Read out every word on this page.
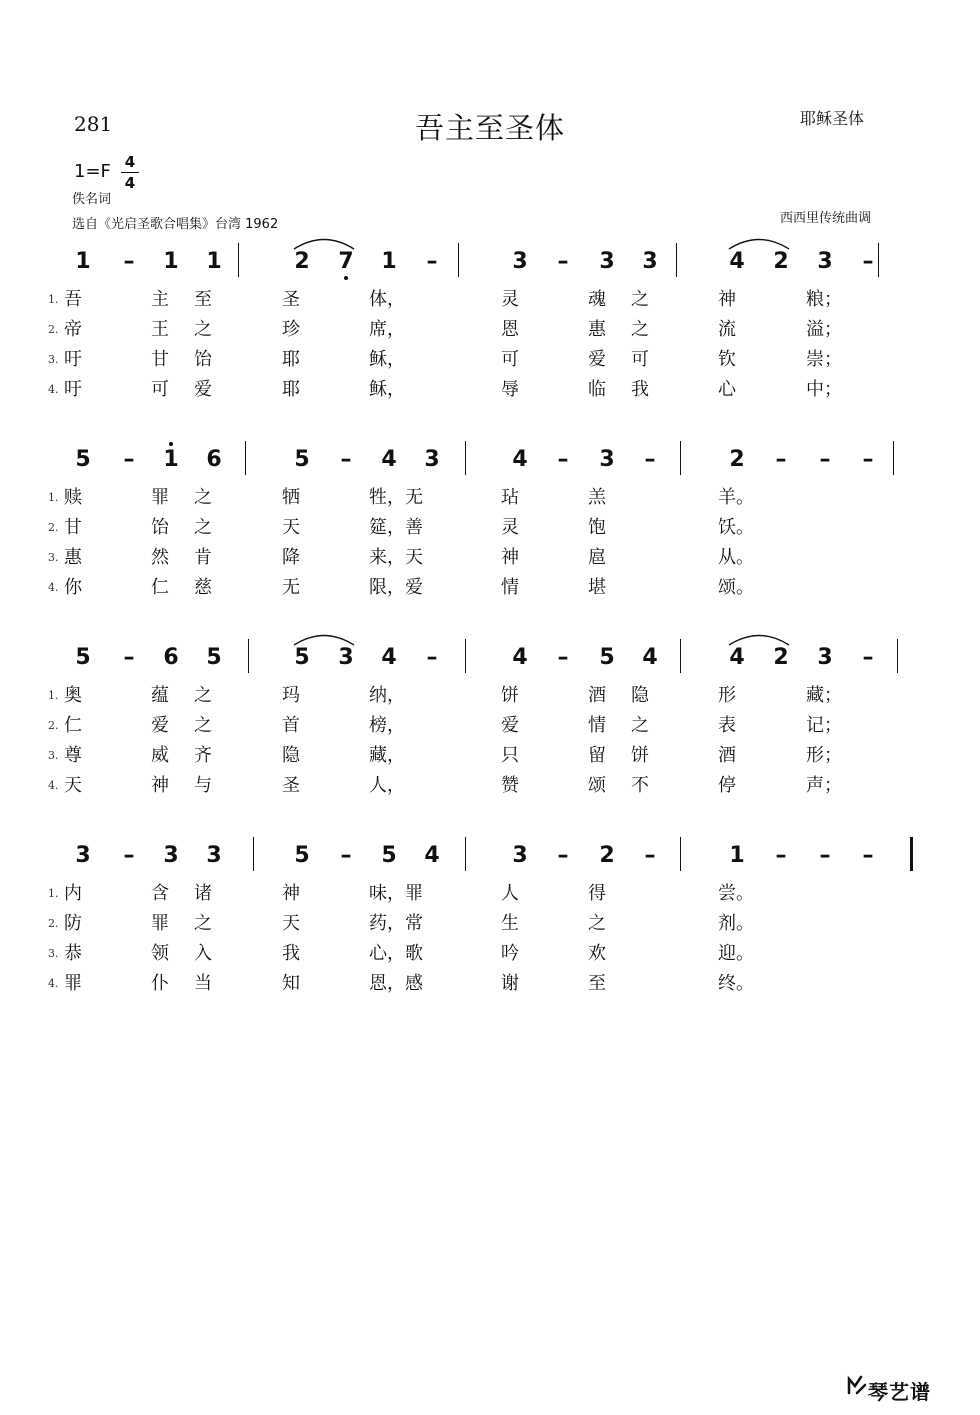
281	吾主至圣体	耶稣圣体
1=F 4
4
佚名词
选自《光启圣歌合唱集》台湾 1962	西西里传统曲调
1 – 1 1	2 7 1 –	3 – 3 3	4 2 3 –
1. 吾	主 至	圣	体，	灵	魂 之	神	粮；
2. 帝	王 之	珍	席，	恩	惠 之	流	溢；
3. 吁	甘 饴	耶	稣，	可	爱 可	钦	崇；
4. 吁	可 爱	耶	稣，	辱	临 我	心	中；
5 – 1 6	5 – 4 3	4 – 3 –	2 – – –
1. 赎	罪 之	牺	牲，无	玷	羔	羊。
2. 甘	饴 之	天	筵，善	灵	饱	饫。
3. 惠	然 肯	降	来，天	神	扈	从。
4. 你	仁 慈	无	限，爱	情	堪	颂。
5 – 6 5	5 3 4 –	4 – 5 4	4 2 3 –
1. 奥	蕴 之	玛	纳，	饼	酒 隐	形	藏；
2. 仁	爱 之	首	榜，	爱	情 之	表	记；
3. 尊	威 齐	隐	藏，	只	留 饼	酒	形；
4. 天	神 与	圣	人，	赞	颂 不	停	声；
3 – 3 3	5 – 5 4	3 – 2 –	1 – – –
1. 内	含 诸	神	味，罪	人	得	尝。
2. 防	罪 之	天	药，常	生	之	剂。
3. 恭	领 入	我	心，歌	吟	欢	迎。
4. 罪	仆 当	知	恩，感	谢	至	终。
琴艺谱
